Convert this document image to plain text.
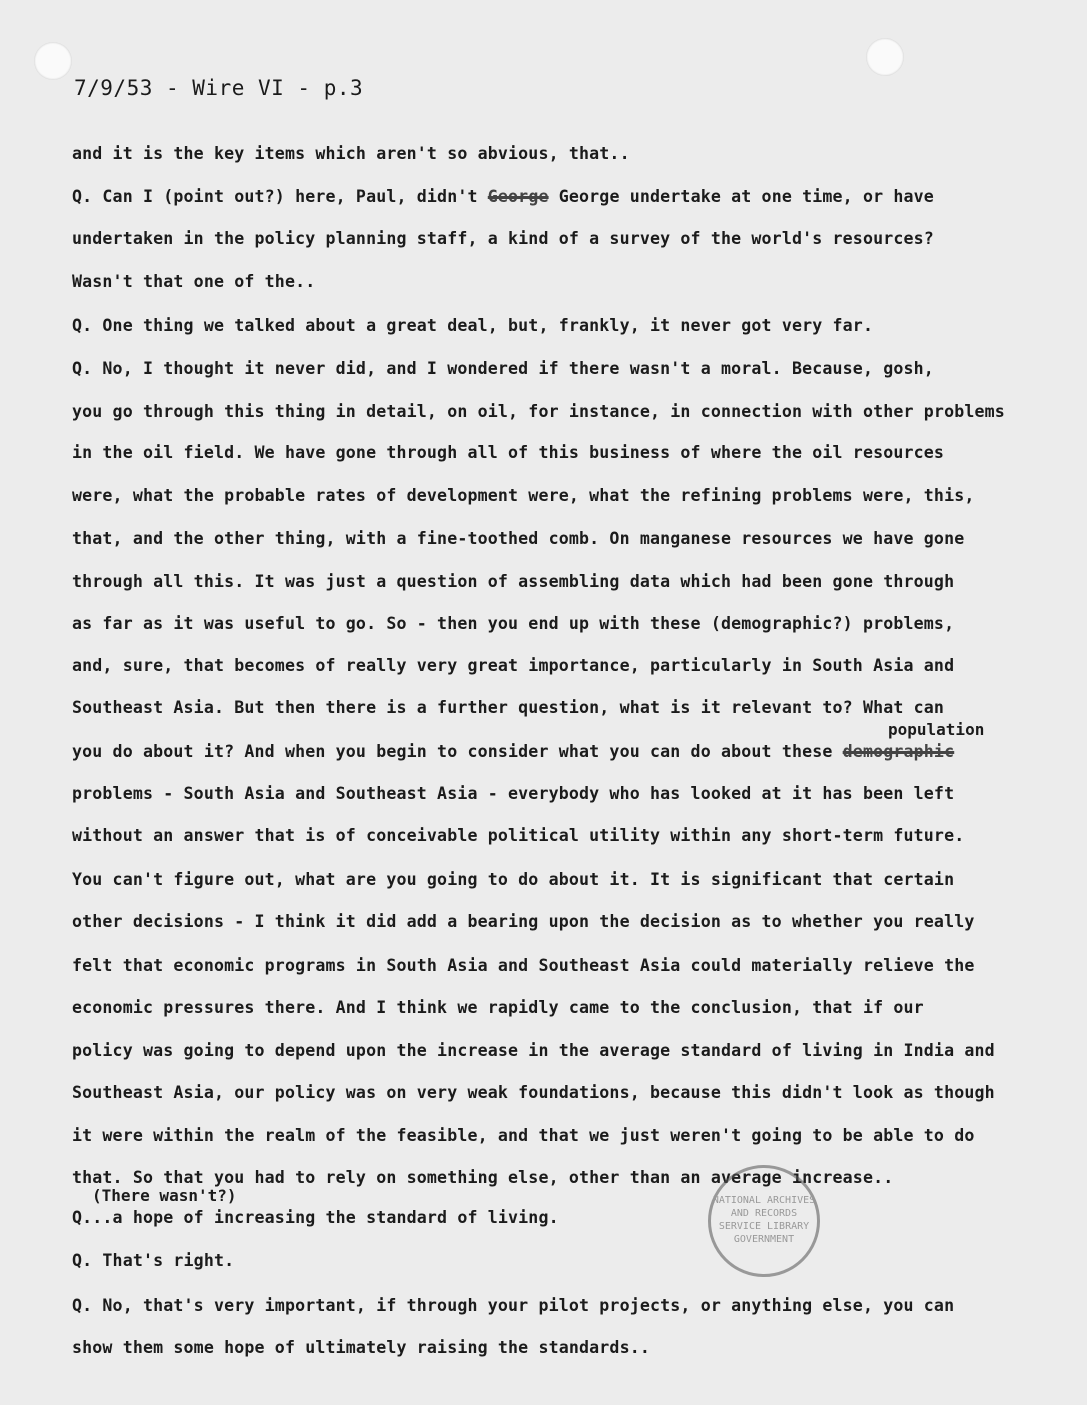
7/9/53 - Wire VI - p.3
and it is the key items which aren't so abvious, that..
Q. Can I (point out?) here, Paul, didn't George George undertake at one time, or have
undertaken in the policy planning staff, a kind of a survey of the world's resources?
Wasn't that one of the..
Q. One thing we talked about a great deal, but, frankly, it never got very far.
Q. No, I thought it never did, and I wondered if there wasn't a moral. Because, gosh,
you go through this thing in detail, on oil, for instance, in connection with other problems
in the oil field. We have gone through all of this business of where the oil resources
were, what the probable rates of development were, what the refining problems were, this,
that, and the other thing, with a fine-toothed comb. On manganese resources we have gone
through all this. It was just a question of assembling data which had been gone through
as far as it was useful to go. So - then you end up with these (demographic?) problems,
and, sure, that becomes of really very great importance, particularly in South Asia and
Southeast Asia. But then there is a further question, what is it relevant to? What can
population
you do about it? And when you begin to consider what you can do about these demographic
problems - South Asia and Southeast Asia - everybody who has looked at it has been left
without an answer that is of conceivable political utility within any short-term future.
You can't figure out, what are you going to do about it. It is significant that certain
other decisions - I think it did add a bearing upon the decision as to whether you really
felt that economic programs in South Asia and Southeast Asia could materially relieve the
economic pressures there. And I think we rapidly came to the conclusion, that if our
policy was going to depend upon the increase in the average standard of living in India and
Southeast Asia, our policy was on very weak foundations, because this didn't look as though
it were within the realm of the feasible, and that we just weren't going to be able to do
that. So that you had to rely on something else, other than an average increase..
(There wasn't?)
Q...a hope of increasing the standard of living.
Q. That's right.
Q. No, that's very important, if through your pilot projects, or anything else, you can
show them some hope of ultimately raising the standards..
NATIONAL ARCHIVES AND RECORDS SERVICE LIBRARY GOVERNMENT
